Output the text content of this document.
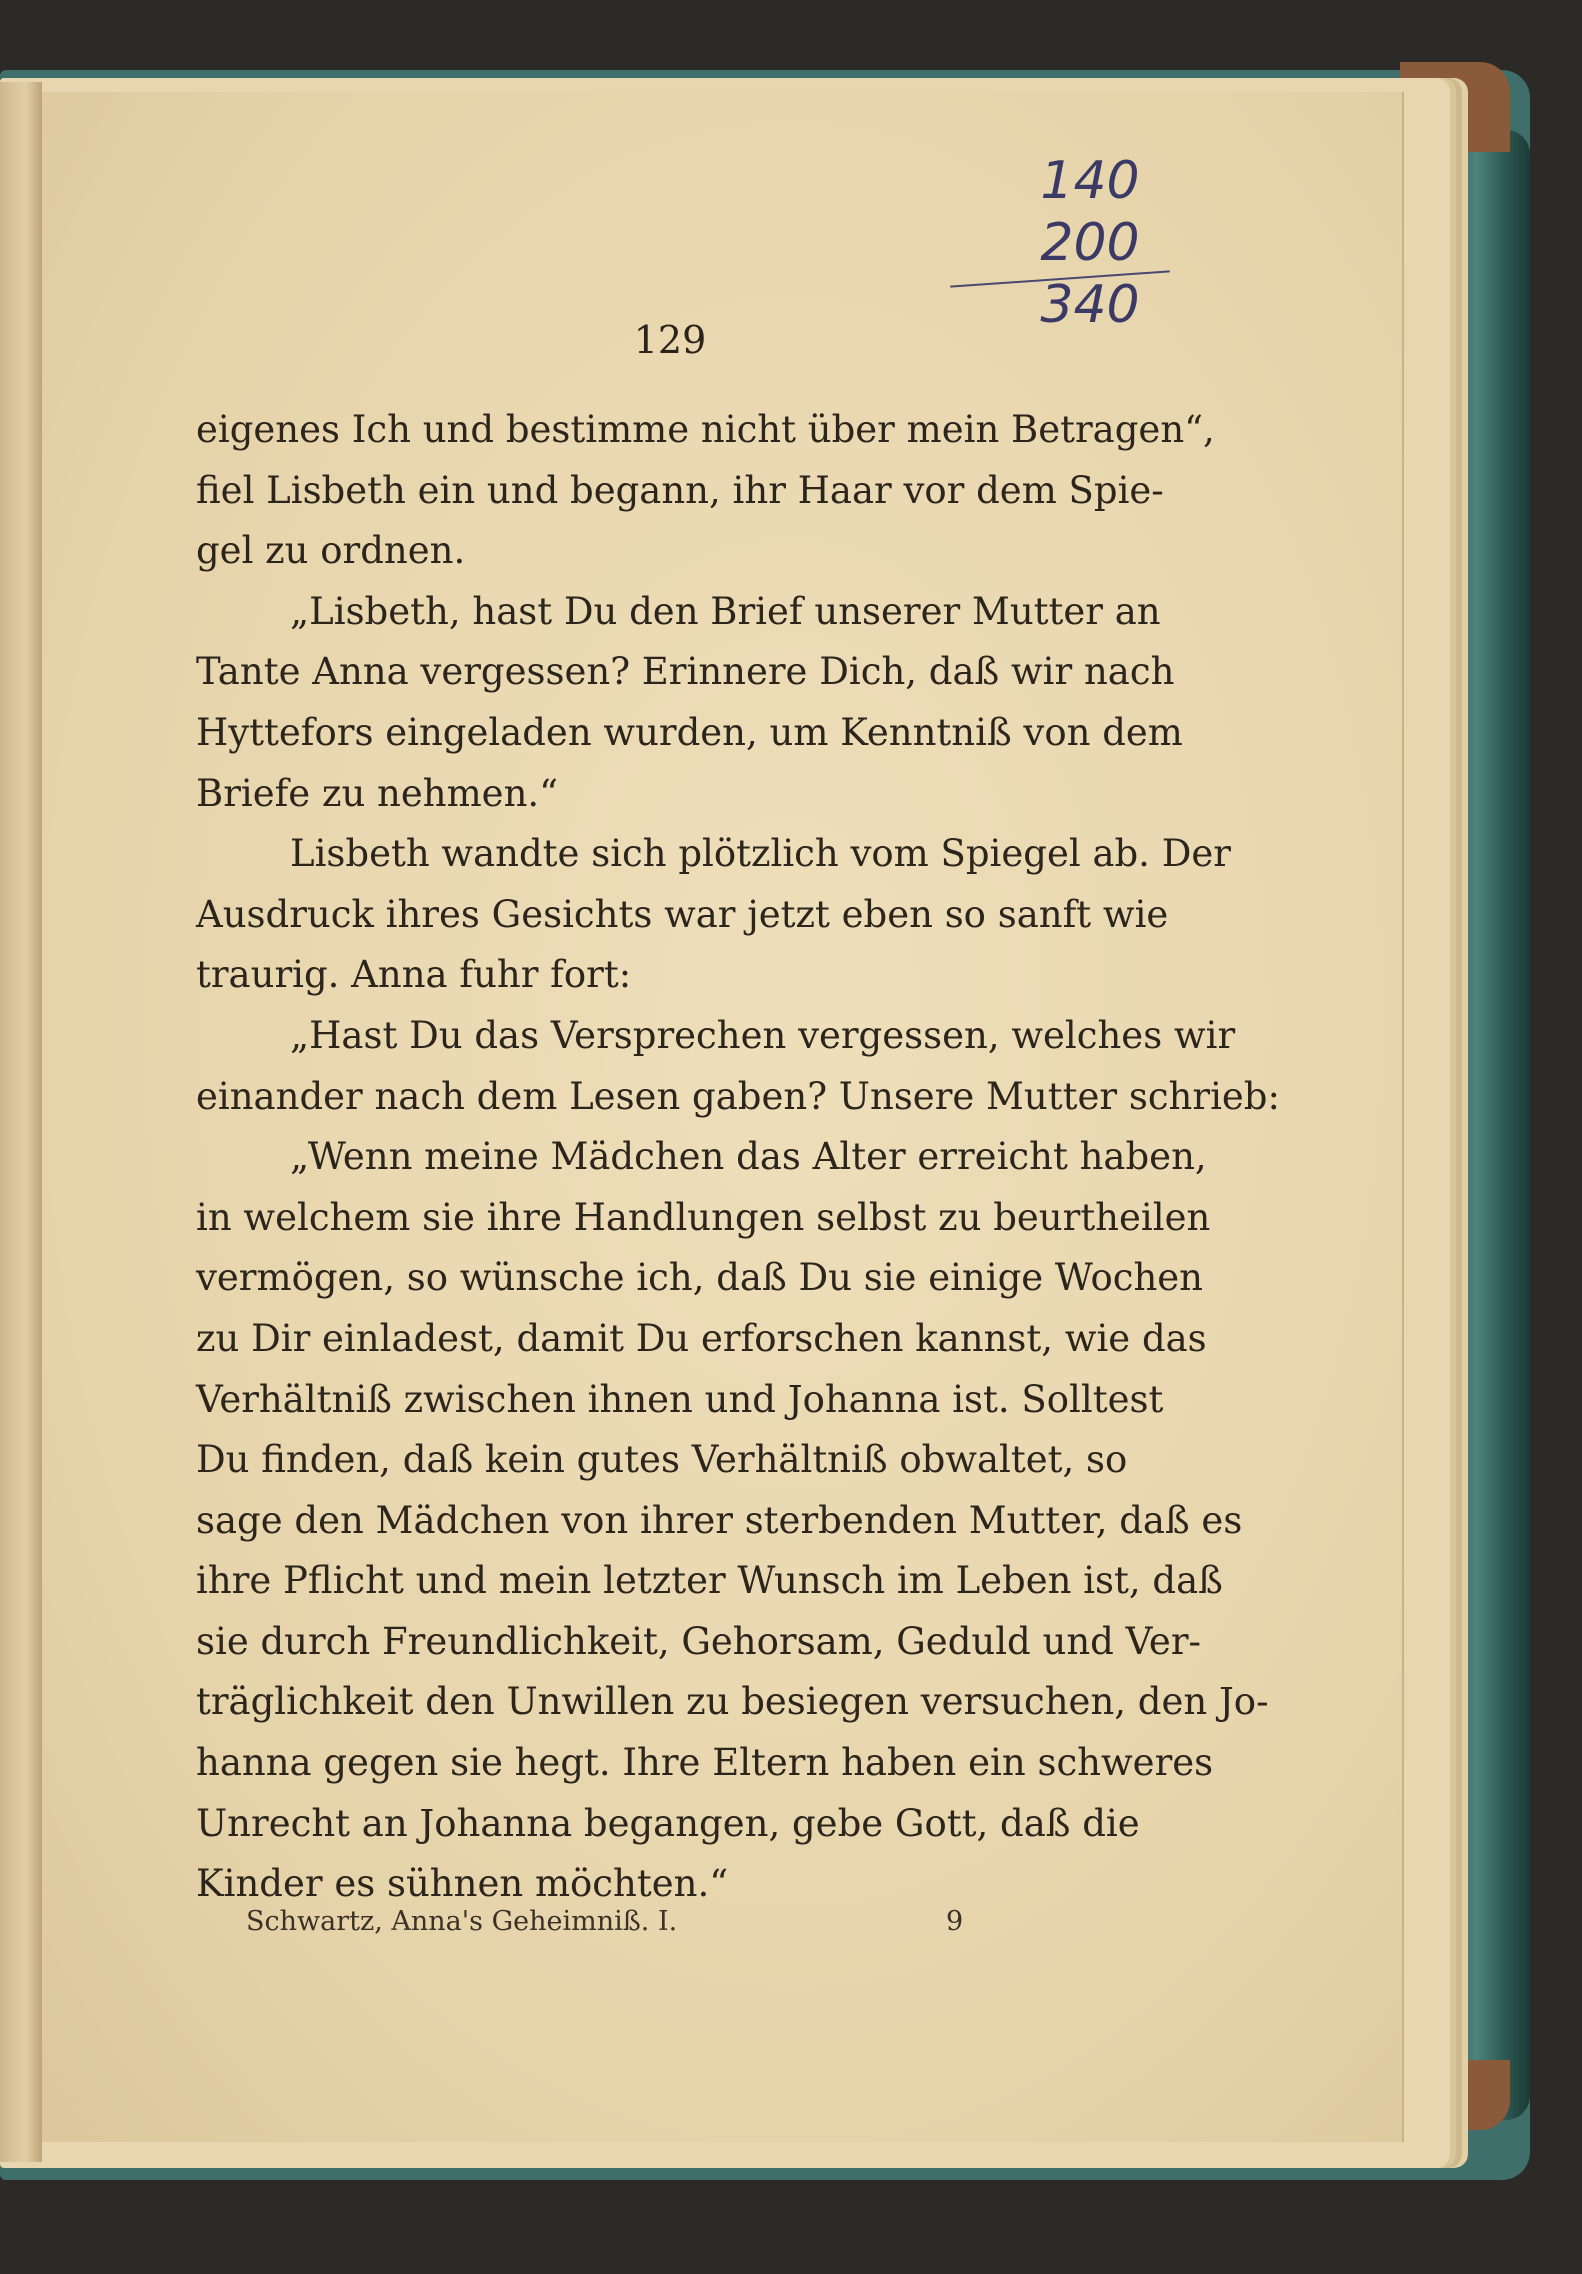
140
200
340
129
eigenes Ich und bestimme nicht über mein Betragen“,
fiel Lisbeth ein und begann, ihr Haar vor dem Spie-
gel zu ordnen.
„Lisbeth, hast Du den Brief unserer Mutter an
Tante Anna vergessen? Erinnere Dich, daß wir nach
Hyttefors eingeladen wurden, um Kenntniß von dem
Briefe zu nehmen.“
Lisbeth wandte sich plötzlich vom Spiegel ab. Der
Ausdruck ihres Gesichts war jetzt eben so sanft wie
traurig. Anna fuhr fort:
„Hast Du das Versprechen vergessen, welches wir
einander nach dem Lesen gaben? Unsere Mutter schrieb:
„Wenn meine Mädchen das Alter erreicht haben,
in welchem sie ihre Handlungen selbst zu beurtheilen
vermögen, so wünsche ich, daß Du sie einige Wochen
zu Dir einladest, damit Du erforschen kannst, wie das
Verhältniß zwischen ihnen und Johanna ist. Solltest
Du finden, daß kein gutes Verhältniß obwaltet, so
sage den Mädchen von ihrer sterbenden Mutter, daß es
ihre Pflicht und mein letzter Wunsch im Leben ist, daß
sie durch Freundlichkeit, Gehorsam, Geduld und Ver-
träglichkeit den Unwillen zu besiegen versuchen, den Jo-
hanna gegen sie hegt. Ihre Eltern haben ein schweres
Unrecht an Johanna begangen, gebe Gott, daß die
Kinder es sühnen möchten.“
Schwartz, Anna's Geheimniß. I.	9
